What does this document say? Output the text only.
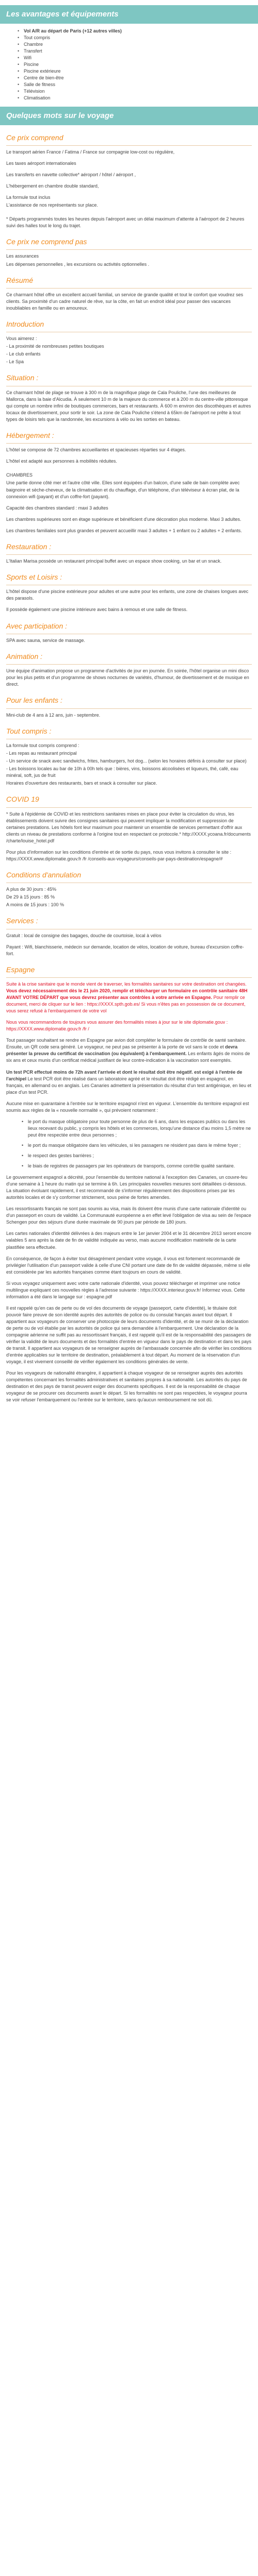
Les avantages et équipements
• Vol A/R au départ de Paris (+12 autres villes)
• Tout compris
• Chambre
• Transfert
• Wifi
• Piscine
• Piscine extérieure
• Centre de bien-être
• Salle de fitness
• Télévision
• Climatisation
Quelques mots sur le voyage
Ce prix comprend

Le transport aérien France / Fatima / France sur compagnie low-cost ou régulière,

Les taxes aéroport internationales

Les transferts en navette collective* aéroport / hôtel / aéroport ,

L'hébergement en chambre double standard,

La formule tout inclus

L'assistance de nos représentants sur place.

* Départs programmés toutes les heures depuis l'aéroport avec un délai maximum d'attente à l'aéroport de 2 heures suivi des halles tout le long du trajet.

Ce prix ne comprend pas

Les assurances

Les dépenses personnelles , les excursions ou activités optionnelles .

Résumé

Ce charmant hôtel offre un excellent accueil familial, un service de grande qualité et tout le confort que voudrez ses clients. Sa proximité d'un cadre naturel de rêve, sur la côte, en fait un endroit idéal pour passer des vacances inoubliables en famille ou en amoureux.

Introduction

Vous aimerez :

- La proximité de nombreuses petites boutiques

- Le club enfants

- Le Spa

Situation :

Ce charmant hôtel de plage se trouve à 300 m de la magnifique plage de Cala Pouliche, l'une des meilleures de Mallorca, dans la baie d'Alcudia. À seulement 10 m de la majeure du commerce et à 200 m du centre-ville pittoresque qui compte un nombre infini de boutiques commerces, bars et restaurants. À 600 m environ des discothèques et autres locaux de divertissement, pour sortir le soir. La zone de Cala Pouliche s'étend à 65km de l'aéroport ne prête à tout types de loisirs tels que la randonnée, les excursions à vélo ou les sorties en bateau.

Hébergement :

L'hôtel se compose de 72 chambres accueillantes et spacieuses réparties sur 4 étages.

L'hôtel est adapté aux personnes à mobilités réduites.

CHAMBRES

Une partie donne côté mer et l'autre côté ville. Elles sont équipées d'un balcon, d'une salle de bain complète avec baignoire et sèche-cheveux, de la climatisation et du chauffage, d'un téléphone, d'un téléviseur à écran plat, de la connexion wifi (payant) et d'un coffre-fort (payant).

Capacité des chambres standard : maxi 3 adultes

Les chambres supérieures sont en étage supérieure et bénéficient d'une décoration plus moderne. Maxi 3 adultes.

Les chambres familiales sont plus grandes et peuvent accueillir maxi 3 adultes + 1 enfant ou 2 adultes + 2 enfants.

Restauration :

L'Italian Marisa possède un restaurant principal buffet avec un espace show cooking, un bar et un snack.

Sports et Loisirs :

L'hôtel dispose d'une piscine extérieure pour adultes et une autre pour les enfants, une zone de chaises longues avec des parasols.

Il possède également une piscine intérieure avec bains à remous et une salle de fitness.

Avec participation :

SPA avec sauna, service de massage.

Animation :

Une équipe d'animation propose un programme d'activités de jour en journée. En soirée, l'hôtel organise un mini disco pour les plus petits et d'un programme de shows nocturnes de variétés, d'humour, de divertissement et de musique en direct.

Pour les enfants :

Mini-club de 4 ans à 12 ans, juin - septembre.

Tout compris :

La formule tout compris comprend :

- Les repas au restaurant principal

- Un service de snack avec sandwichs, frites, hamburgers, hot dog... (selon les horaires définis à consulter sur place)

- Les boissons locales au bar de 10h à 00h tels que : bières, vins, boissons alcoolisées et liqueurs, thé, café, eau minéral, soft, jus de fruit

Horaires d'ouverture des restaurants, bars et snack à consulter sur place.

COVID 19

* Suite à l'épidémie de COVID et les restrictions sanitaires mises en place pour éviter la circulation du virus, les établissements doivent suivre des consignes sanitaires qui peuvent impliquer la modification et suppression de certaines prestations. Les hôtels font leur maximum pour maintenir un ensemble de services permettant d'offrir aux clients un niveau de prestations conforme à l'origine tout en respectant ce protocole.* http://XXXX.ycoana.fr/documents /charte/louise_hotel.pdf

Pour plus d'information sur les conditions d'entrée et de sortie du pays, nous vous invitons à consulter le site : https://XXXX.www.diplomatie.gouv.fr /fr /conseils-aux-voyageurs/conseils-par-pays-destination/espagne/#

Conditions d'annulation

A plus de 30 jours : 45%

De 29 à 15 jours : 85 %

A moins de 15 jours : 100 %

Services :

Gratuit : local de consigne des bagages, douche de courtoisie, local à vélos

Payant : Wifi, blanchisserie, médecin sur demande, location de vélos, location de voiture, bureau d'excursion coffre-fort.

Espagne

Suite à la crise sanitaire que le monde vient de traverser, les formalités sanitaires sur votre destination ont changées. Vous devez nécessairement dès le 21 juin 2020, remplir et télécharger un formulaire en contrôle sanitaire 48H AVANT VOTRE DÉPART que vous devrez présenter aux contrôles à votre arrivée en Espagne. Pour remplir ce document, merci de cliquer sur le lien : https://XXXX.spth.gob.es/ Si vous n'êtes pas en possession de ce document, vous serez refusé à l'embarquement de votre vol

Nous vous recommandons de toujours vous assurer des formalités mises à jour sur le site diplomatie.gouv : https://XXXX.www.diplomatie.gouv.fr /fr /

Tout passager souhaitant se rendre en Espagne par avion doit compléter le formulaire de contrôle de santé sanitaire. Ensuite, un QR code sera généré. Le voyageur, ne peut pas se présenter à la porte de vol sans le code et devra présenter la preuve du certificat de vaccination (ou équivalent) à l'embarquement. Les enfants âgés de moins de six ans et ceux munis d'un certificat médical justifiant de leur contre-indication à la vaccination sont exemptés.

Un test PCR effectué moins de 72h avant l'arrivée et dont le résultat doit être négatif. est exigé à l'entrée de l'archipel Le test PCR doit être réalisé dans un laboratoire agréé et le résultat doit être rédigé en espagnol, en français, en allemand ou en anglais. Les Canaries admettent la présentation du résultat d'un test antigénique, en lieu et place d'un test PCR.

Aucune mise en quarantaine à l'entrée sur le territoire espagnol n'est en vigueur. L'ensemble du territoire espagnol est soumis aux règles de la « nouvelle normalité », qui prévoient notamment :

• le port du masque obligatoire pour toute personne de plus de 6 ans, dans les espaces publics ou dans les lieux recevant du public, y compris les hôtels et les commerces, lorsqu'une distance d'au moins 1,5 mètre ne peut être respectée entre deux personnes ;
• le port du masque obligatoire dans les véhicules, si les passagers ne résident pas dans le même foyer ;
• le respect des gestes barrières ;
• le biais de registres de passagers par les opérateurs de transports, comme contrôle qualité sanitaire.

Le gouvernement espagnol a décrété, pour l'ensemble du territoire national à l'exception des Canaries, un couvre-feu d'une semaine à 1 heure du matin qui se termine à 6h. Les principales nouvelles mesures sont détaillées ci-dessous. La situation évoluant rapidement, il est recommandé de s'informer régulièrement des dispositions prises par les autorités locales et de s'y conformer strictement, sous peine de fortes amendes.

Les ressortissants français ne sont pas soumis au visa, mais ils doivent être munis d'une carte nationale d'identité ou d'un passeport en cours de validité. La Communauté européenne a en effet levé l'obligation de visa au sein de l'espace Schengen pour des séjours d'une durée maximale de 90 jours par période de 180 jours.

Les cartes nationales d'identité délivrées à des majeurs entre le 1er janvier 2004 et le 31 décembre 2013 seront encore valables 5 ans après la date de fin de validité indiquée au verso, mais aucune modification matérielle de la carte plastifiée sera effectuée.

En conséquence, de façon à éviter tout désagrément pendant votre voyage, il vous est fortement recommandé de privilégier l'utilisation d'un passeport valide à celle d'une CNI portant une date de fin de validité dépassée, même si elle est considérée par les autorités françaises comme étant toujours en cours de validité.

Si vous voyagez uniquement avec votre carte nationale d'identité, vous pouvez télécharger et imprimer une notice multilingue expliquant ces nouvelles règles à l'adresse suivante : https://XXXX.interieur.gouv.fr/ Informez vous. Cette information a été dans le langage sur : espagne.pdf

Il est rappelé qu'en cas de perte ou de vol des documents de voyage (passeport, carte d'identité), le titulaire doit pouvoir faire preuve de son identité auprès des autorités de police ou du consulat français avant tout départ. Il appartient aux voyageurs de conserver une photocopie de leurs documents d'identité, et de se munir de la déclaration de perte ou de vol établie par les autorités de police qui sera demandée à l'embarquement. Une déclaration de la compagnie aérienne ne suffit pas au ressortissant français, il est rappelé qu'il est de la responsabilité des passagers de vérifier la validité de leurs documents et des formalités d'entrée en vigueur dans le pays de destination et dans les pays de transit. Il appartient aux voyageurs de se renseigner auprès de l'ambassade concernée afin de vérifier les conditions d'entrée applicables sur le territoire de destination, préalablement à tout départ. Au moment de la réservation d'un voyage, il est vivement conseillé de vérifier également les conditions générales de vente.

Pour les voyageurs de nationalité étrangère, il appartient à chaque voyageur de se renseigner auprès des autorités compétentes concernant les formalités administratives et sanitaires propres à sa nationalité. Les autorités du pays de destination et des pays de transit peuvent exiger des documents spécifiques. Il est de la responsabilité de chaque voyageur de se procurer ces documents avant le départ. Si les formalités ne sont pas respectées, le voyageur pourra se voir refuser l'embarquement ou l'entrée sur le territoire, sans qu'aucun remboursement ne soit dû.
